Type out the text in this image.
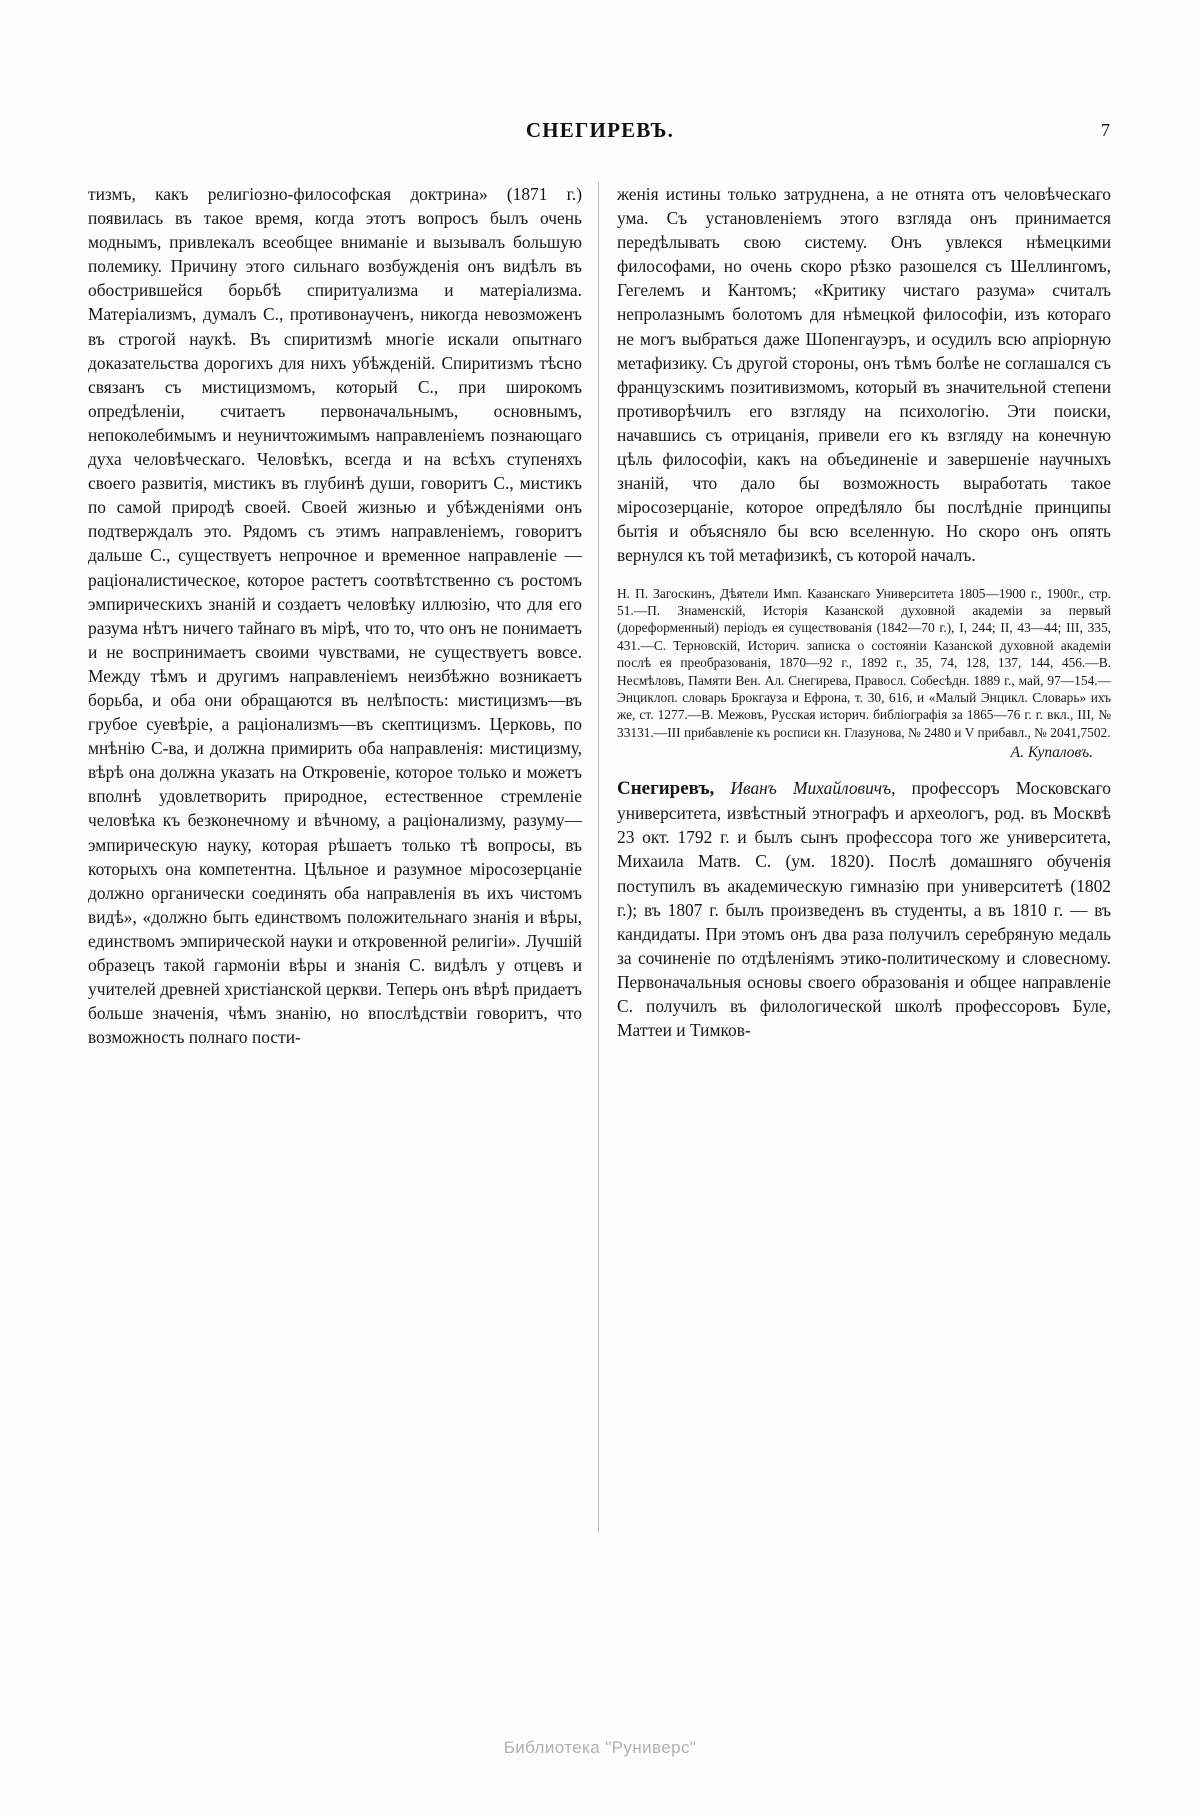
СНЕГИРЕВЪ.	7

тизмъ, какъ религіозно-философская доктрина» (1871 г.) появилась въ такое время, когда этотъ вопросъ былъ очень моднымъ, привлекалъ всеобщее вниманіе и вызывалъ большую полемику. Причину этого сильнаго возбужденія онъ видѣлъ въ обострившейся борьбѣ спиритуализма и матеріализма. Матеріализмъ, думалъ С., противонаученъ, никогда невозможенъ въ строгой наукѣ. Въ спиритизмѣ многіе искали опытнаго доказательства дорогихъ для нихъ убѣжденій. Спиритизмъ тѣсно связанъ съ мистицизмомъ, который С., при широкомъ опредѣленіи, считаетъ первоначальнымъ, основнымъ, непоколебимымъ и неуничтожимымъ направленіемъ познающаго духа человѣческаго. Человѣкъ, всегда и на всѣхъ ступеняхъ своего развитія, мистикъ въ глубинѣ души, говоритъ С., мистикъ по самой природѣ своей. Своей жизнью и убѣжденіями онъ подтверждалъ это. Рядомъ съ этимъ направленіемъ, говоритъ дальше С., существуетъ непрочное и временное направленіе — раціоналистическое, которое растетъ соотвѣтственно съ ростомъ эмпирическихъ знаній и создаетъ человѣку иллюзію, что для его разума нѣтъ ничего тайнаго въ мірѣ, что то, что онъ не понимаетъ и не воспринимаетъ своими чувствами, не существуетъ вовсе. Между тѣмъ и другимъ направленіемъ неизбѣжно возникаетъ борьба, и оба они обращаются въ нелѣпость: мистицизмъ—въ грубое суевѣріе, а раціонализмъ—въ скептицизмъ. Церковь, по мнѣнію С-ва, и должна примирить оба направленія: мистицизму, вѣрѣ она должна указать на Откровеніе, которое только и можетъ вполнѣ удовлетворить природное, естественное стремленіе человѣка къ безконечному и вѣчному, а раціонализму, разуму—эмпирическую науку, которая рѣшаетъ только тѣ вопросы, въ которыхъ она компетентна. Цѣльное и разумное міросозерцаніе должно органически соединять оба направленія въ ихъ чистомъ видѣ», «должно быть единствомъ положительнаго знанія и вѣры, единствомъ эмпирической науки и откровенной религіи». Лучшій образецъ такой гармоніи вѣры и знанія С. видѣлъ у отцевъ и учителей древней христіанской церкви. Теперь онъ вѣрѣ придаетъ больше значенія, чѣмъ знанію, но впослѣдствіи говоритъ, что возможность полнаго пости-

женія истины только затруднена, а не отнята отъ человѣческаго ума. Съ установленіемъ этого взгляда онъ принимается передѣлывать свою систему. Онъ увлекся нѣмецкими философами, но очень скоро рѣзко разошелся съ Шеллингомъ, Гегелемъ и Кантомъ; «Критику чистаго разума» считалъ непролазнымъ болотомъ для нѣмецкой философіи, изъ котораго не могъ выбраться даже Шопенгауэръ, и осудилъ всю апріорную метафизику. Съ другой стороны, онъ тѣмъ болѣе не соглашался съ французскимъ позитивизмомъ, который въ значительной степени противорѣчилъ его взгляду на психологію. Эти поиски, начавшись съ отрицанія, привели его къ взгляду на конечную цѣль философіи, какъ на объединеніе и завершеніе научныхъ знаній, что дало бы возможность выработать такое міросозерцаніе, которое опредѣляло бы послѣдніе принципы бытія и объясняло бы всю вселенную. Но скоро онъ опять вернулся къ той метафизикѣ, съ которой началъ.

Н. П. Загоскинъ, Дѣятели Имп. Казанскаго Университета 1805—1900 г., 1900г., стр. 51.—П. Знаменскій, Исторія Казанской духовной академіи за первый (дореформенный) періодъ ея существованія (1842—70 г.), I, 244; II, 43—44; III, 335, 431.—С. Терновскій, Историч. записка о состояніи Казанской духовной академіи послѣ ея преобразованія, 1870—92 г., 1892 г., 35, 74, 128, 137, 144, 456.—В. Несмѣловъ, Памяти Вен. Ал. Снегирева, Правосл. Собесѣдн. 1889 г., май, 97—154.—Энциклоп. словарь Брокгауза и Ефрона, т. 30, 616, и «Малый Энцикл. Словарь» ихъ же, ст. 1277.—В. Межовъ, Русская историч. библіографія за 1865—76 г. г. вкл., III, № 33131.—III прибавленіе къ росписи кн. Глазунова, № 2480 и V прибавл., № 2041,7502.
А. Купаловъ.
Снегиревъ, Иванъ Михайловичъ, профессоръ Московскаго университета, извѣстный этнографъ и археологъ, род. въ Москвѣ 23 окт. 1792 г. и былъ сынъ профессора того же университета, Михаила Матв. С. (ум. 1820). Послѣ домашняго обученія поступилъ въ академическую гимназію при университетѣ (1802 г.); въ 1807 г. былъ произведенъ въ студенты, а въ 1810 г. — въ кандидаты. При этомъ онъ два раза получилъ серебряную медаль за сочиненіе по отдѣленіямъ этико-политическому и словесному. Первоначальныя основы своего образованія и общее направленіе С. получилъ въ филологической школѣ профессоровъ Буле, Маттеи и Тимков-
Библиотека "Руниверс"
